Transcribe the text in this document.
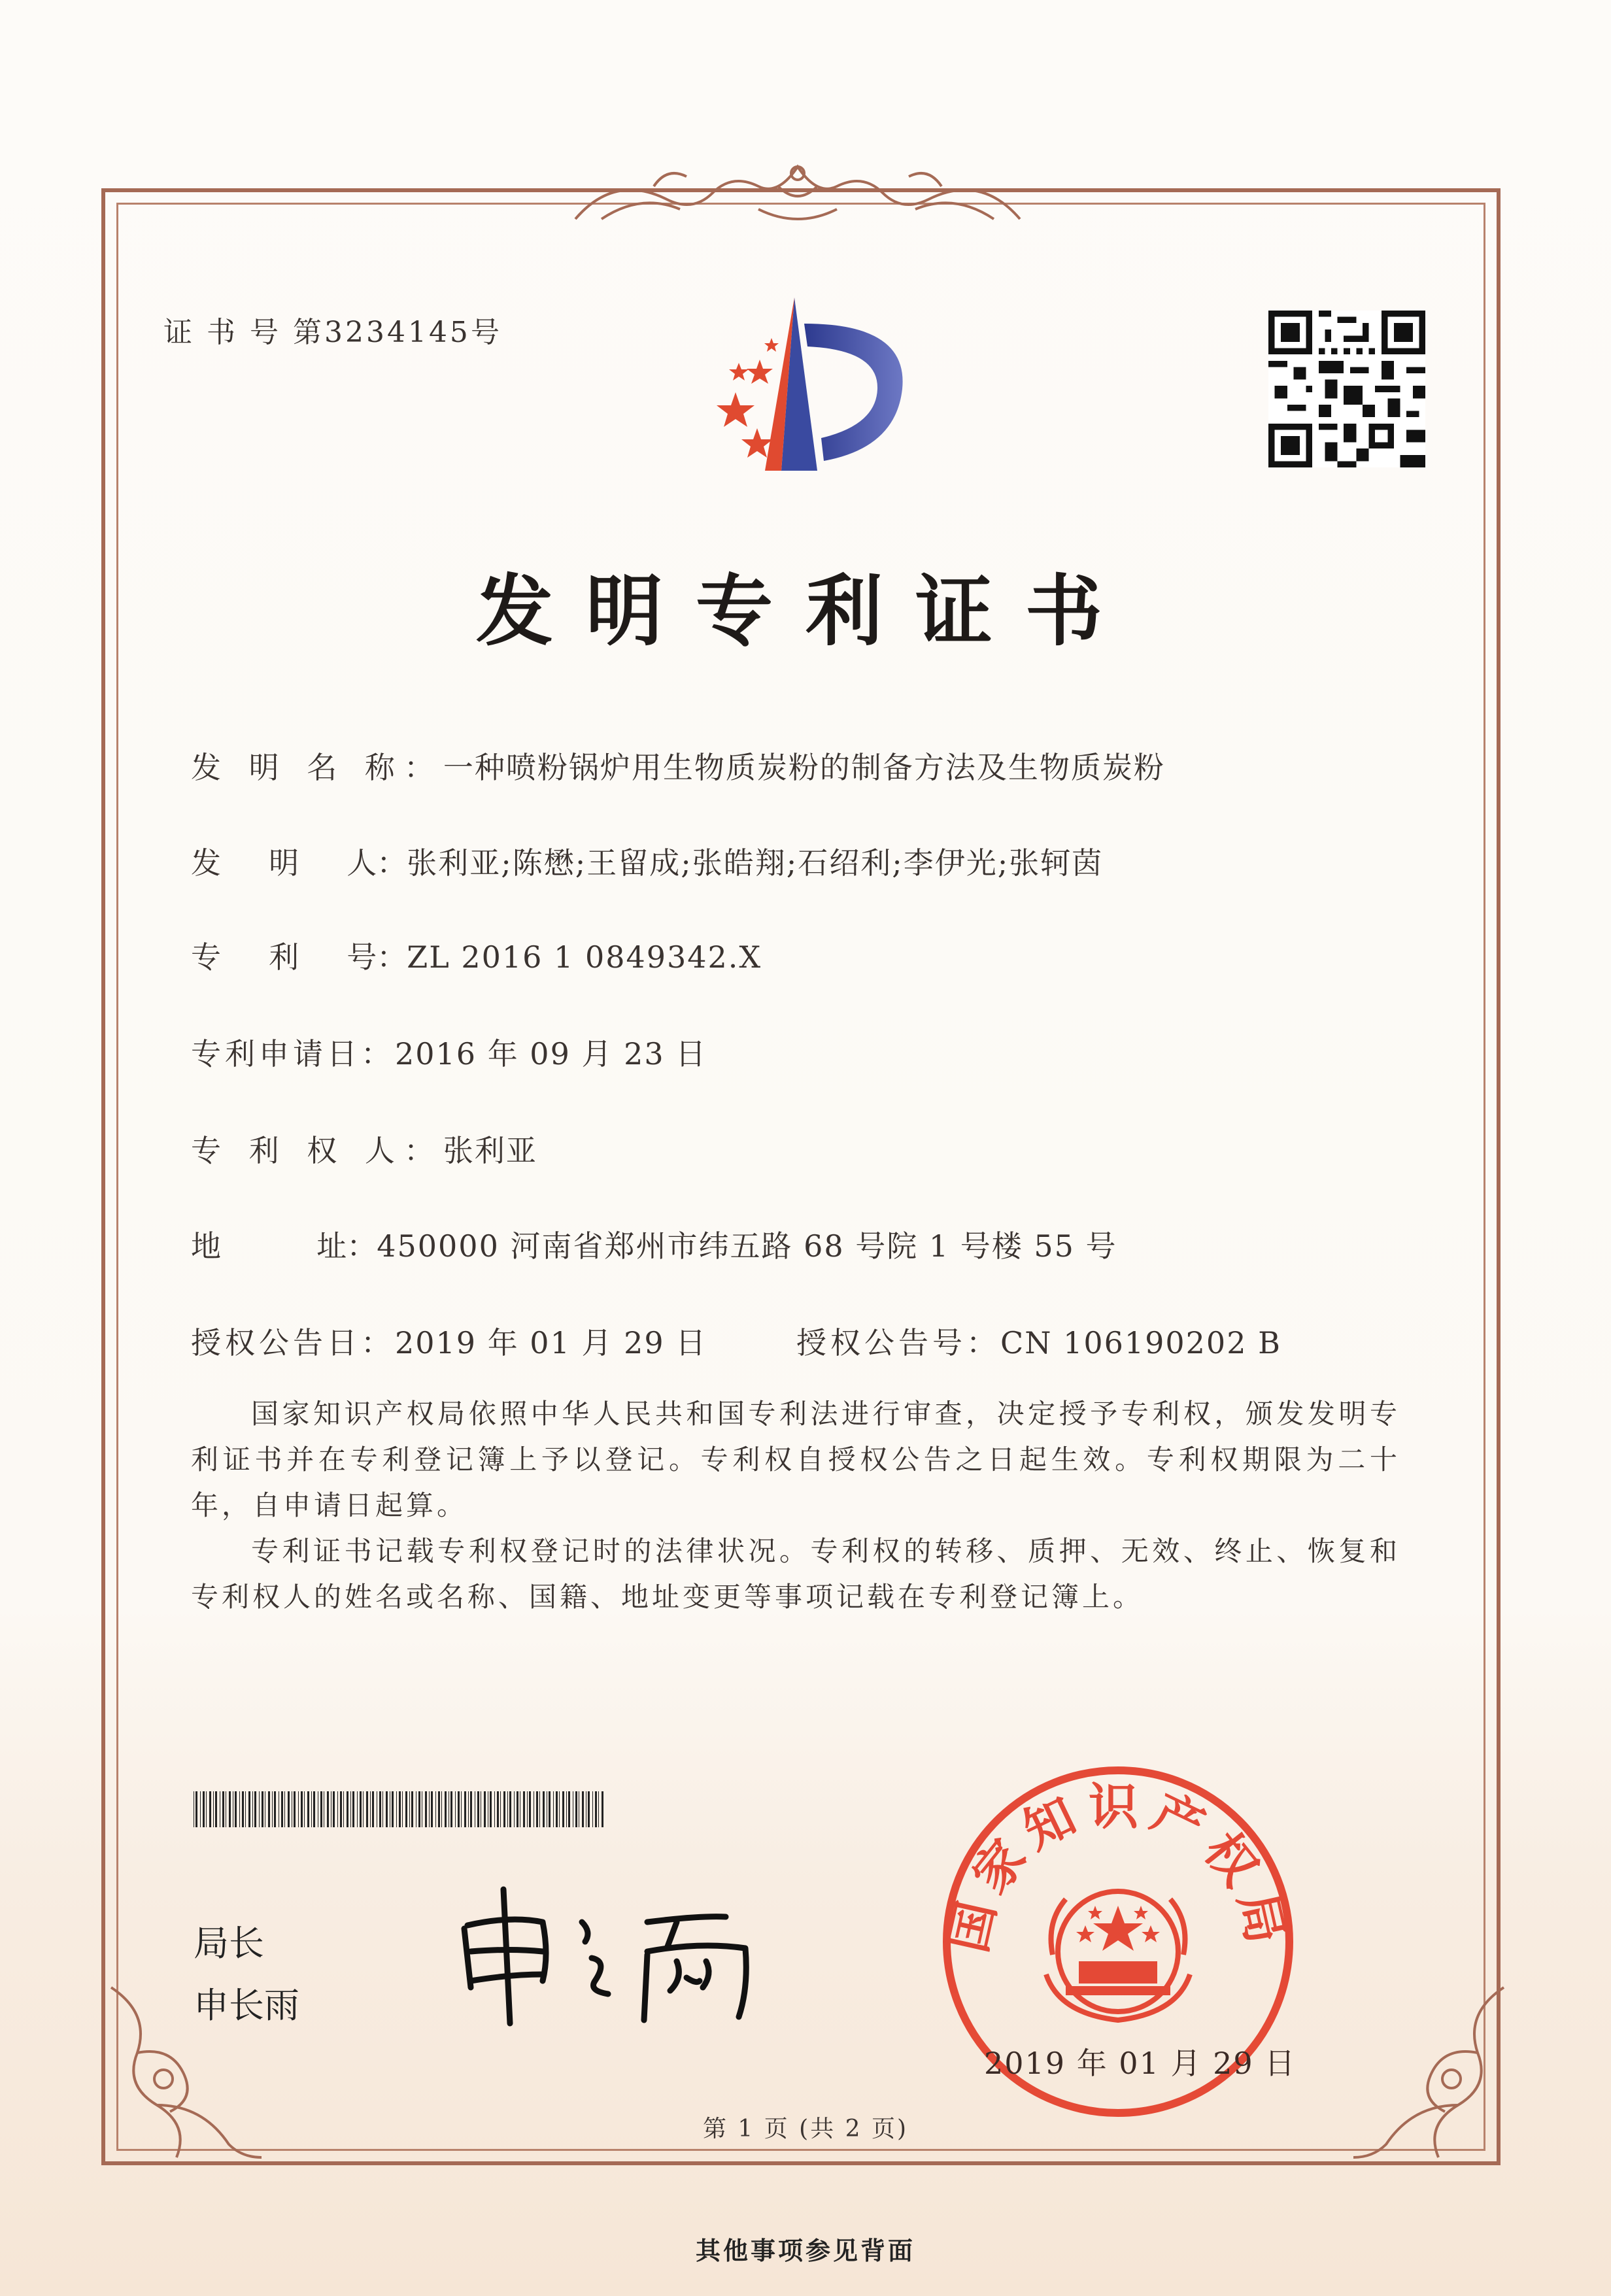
证 书 号 第3234145号
发明专利证书
发 明 名 称：一种喷粉锅炉用生物质炭粉的制备方法及生物质炭粉
发     明     人：张利亚;陈懋;王留成;张皓翔;石绍利;李伊光;张轲茵
专     利     号：ZL 2016 1 0849342.X
专利申请日：2016 年 09 月 23 日
专 利 权 人：张利亚
地          址：450000 河南省郑州市纬五路 68 号院 1 号楼 55 号
授权公告日：2019 年 01 月 29 日	授权公告号：CN 106190202 B
国家知识产权局依照中华人民共和国专利法进行审查，决定授予专利权，颁发发明专利证书并在专利登记簿上予以登记。专利权自授权公告之日起生效。专利权期限为二十年，自申请日起算。
专利证书记载专利权登记时的法律状况。专利权的转移、质押、无效、终止、恢复和专利权人的姓名或名称、国籍、地址变更等事项记载在专利登记簿上。
局长
申长雨
国家知识产权局
2019 年 01 月 29 日
第 1 页 (共 2 页)
其他事项参见背面
